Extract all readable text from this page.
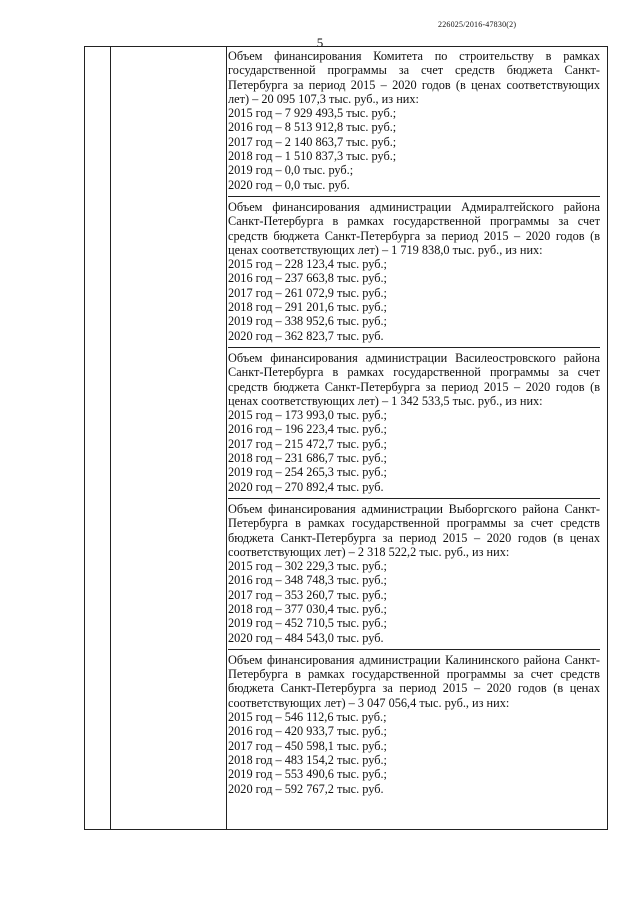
226025/2016-47830(2)
5
Объем финансирования Комитета по строительству в рамках государственной программы за счет средств бюджета Санкт-Петербурга за период 2015 – 2020 годов (в ценах соответствующих лет) – 20 095 107,3 тыс. руб., из них:
2015 год – 7 929 493,5 тыс. руб.;
2016 год – 8 513 912,8 тыс. руб.;
2017 год – 2 140 863,7 тыс. руб.;
2018 год – 1 510 837,3 тыс. руб.;
2019 год – 0,0 тыс. руб.;
2020 год – 0,0 тыс. руб.
Объем финансирования администрации Адмиралтейского района Санкт-Петербурга в рамках государственной программы за счет средств бюджета Санкт-Петербурга за период 2015 – 2020 годов (в ценах соответствующих лет) – 1 719 838,0 тыс. руб., из них:
2015 год – 228 123,4 тыс. руб.;
2016 год – 237 663,8 тыс. руб.;
2017 год – 261 072,9 тыс. руб.;
2018 год – 291 201,6 тыс. руб.;
2019 год – 338 952,6 тыс. руб.;
2020 год – 362 823,7 тыс. руб.
Объем финансирования администрации Василеостровского района Санкт-Петербурга в рамках государственной программы за счет средств бюджета Санкт-Петербурга за период 2015 – 2020 годов (в ценах соответствующих лет) – 1 342 533,5 тыс. руб., из них:
2015 год – 173 993,0 тыс. руб.;
2016 год – 196 223,4 тыс. руб.;
2017 год – 215 472,7 тыс. руб.;
2018 год – 231 686,7 тыс. руб.;
2019 год – 254 265,3 тыс. руб.;
2020 год – 270 892,4 тыс. руб.
Объем финансирования администрации Выборгского района Санкт-Петербурга в рамках государственной программы за счет средств бюджета Санкт-Петербурга за период 2015 – 2020 годов (в ценах соответствующих лет) – 2 318 522,2 тыс. руб., из них:
2015 год – 302 229,3 тыс. руб.;
2016 год – 348 748,3 тыс. руб.;
2017 год – 353 260,7 тыс. руб.;
2018 год – 377 030,4 тыс. руб.;
2019 год – 452 710,5 тыс. руб.;
2020 год – 484 543,0 тыс. руб.
Объем финансирования администрации Калининского района Санкт-Петербурга в рамках государственной программы за счет средств бюджета Санкт-Петербурга за период 2015 – 2020 годов (в ценах соответствующих лет) – 3 047 056,4 тыс. руб., из них:
2015 год – 546 112,6 тыс. руб.;
2016 год – 420 933,7 тыс. руб.;
2017 год – 450 598,1 тыс. руб.;
2018 год – 483 154,2 тыс. руб.;
2019 год – 553 490,6 тыс. руб.;
2020 год – 592 767,2 тыс. руб.
